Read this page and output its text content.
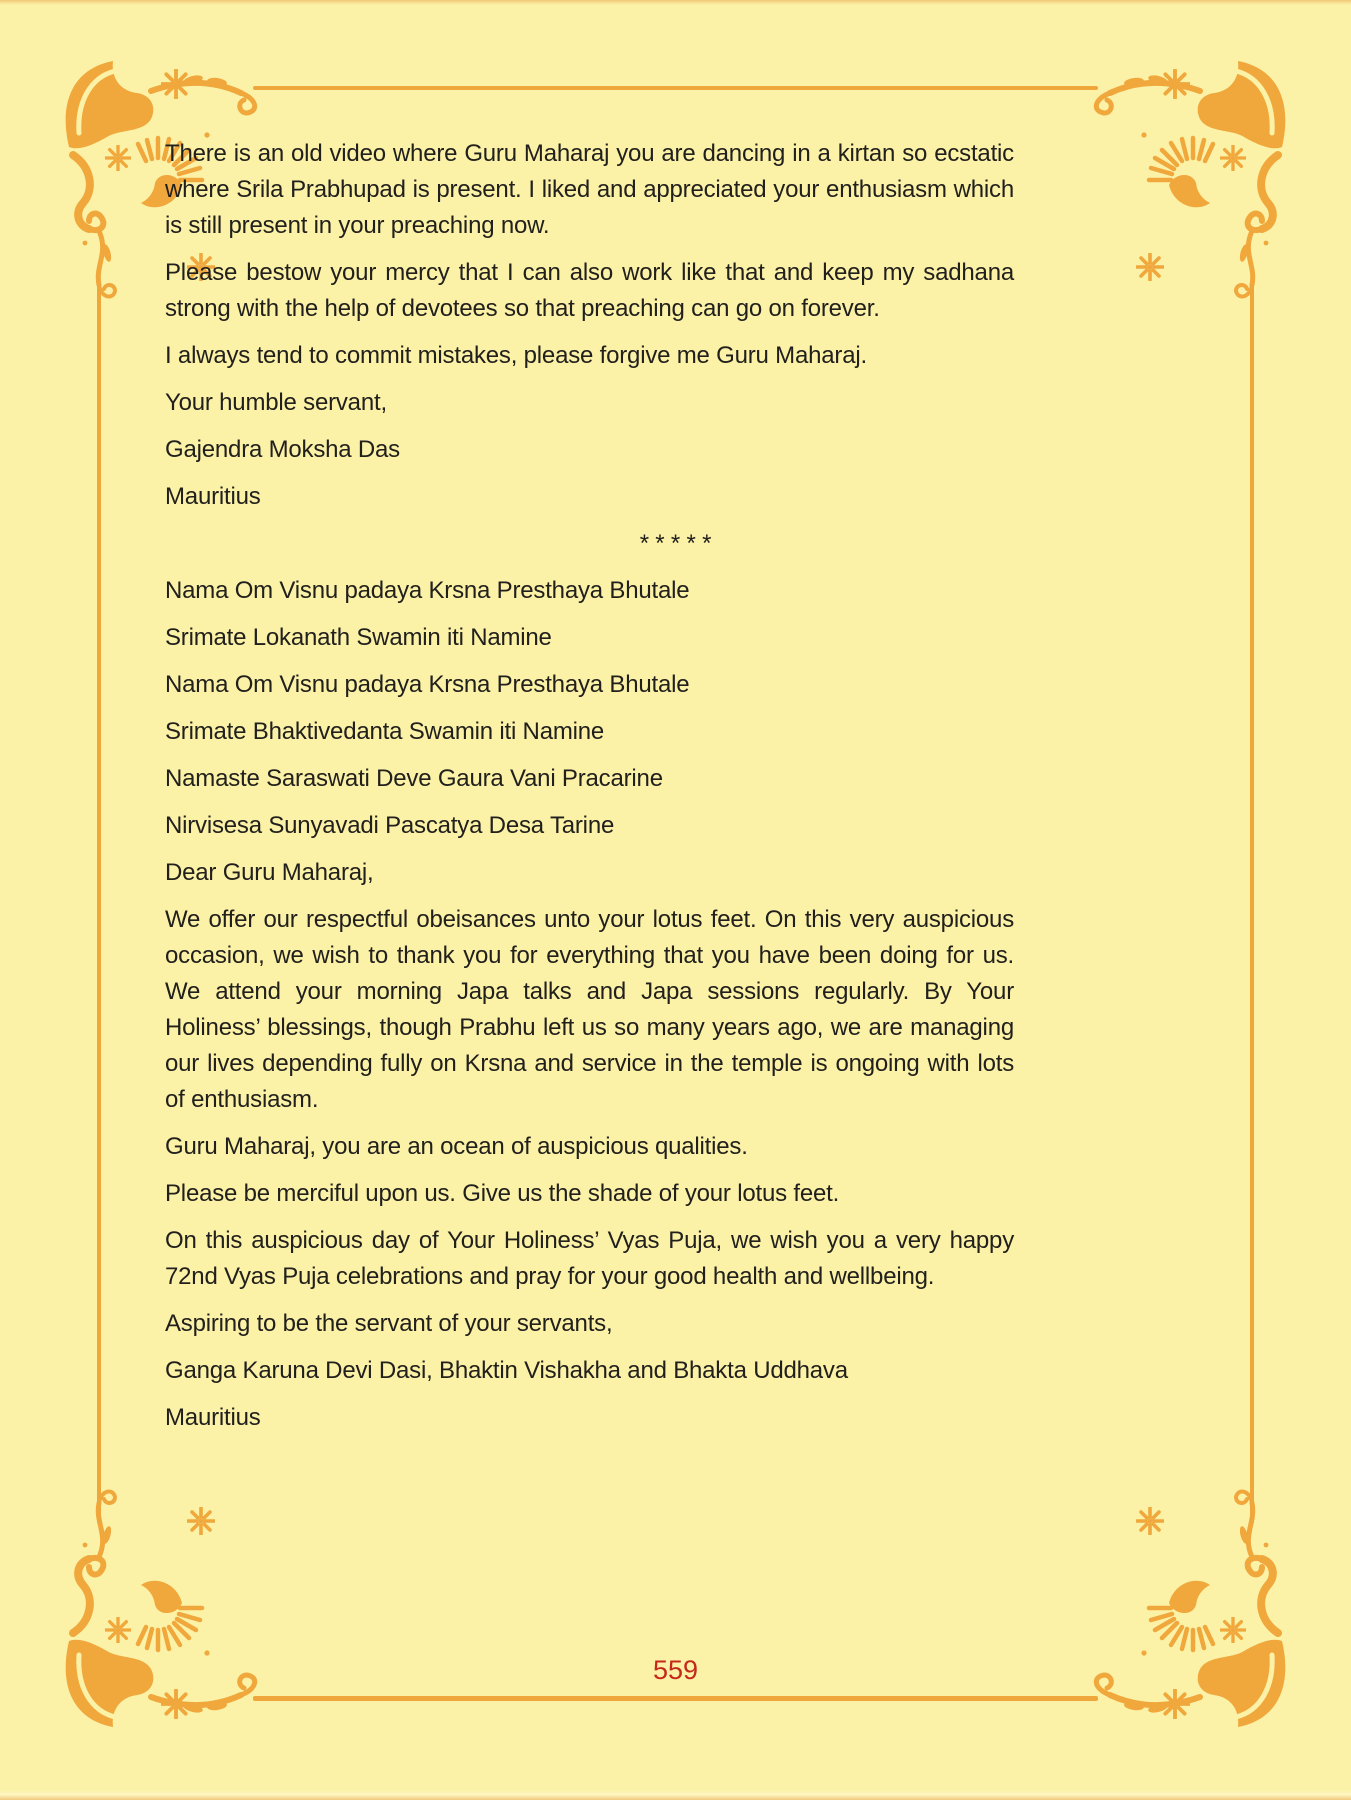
There is an old video where Guru Maharaj you are dancing in a kirtan so ecstatic where Srila Prabhupad is present. I liked and appreciated your enthusiasm which is still present in your preaching now.

Please bestow your mercy that I can also work like that and keep my sadhana strong with the help of devotees so that preaching can go on forever.

I always tend to commit mistakes, please forgive me Guru Maharaj.

Your humble servant,

Gajendra Moksha Das

Mauritius

* * * * *

Nama Om Visnu padaya Krsna Presthaya Bhutale

Srimate Lokanath Swamin iti Namine

Nama Om Visnu padaya Krsna Presthaya Bhutale

Srimate Bhaktivedanta Swamin iti Namine

Namaste Saraswati Deve Gaura Vani Pracarine

Nirvisesa Sunyavadi Pascatya Desa Tarine

Dear Guru Maharaj,

We offer our respectful obeisances unto your lotus feet. On this very auspicious occasion, we wish to thank you for everything that you have been doing for us. We attend your morning Japa talks and Japa sessions regularly. By Your Holiness’ blessings, though Prabhu left us so many years ago, we are managing our lives depending fully on Krsna and service in the temple is ongoing with lots of enthusiasm.

Guru Maharaj, you are an ocean of auspicious qualities.

Please be merciful upon us. Give us the shade of your lotus feet.

On this auspicious day of Your Holiness’ Vyas Puja, we wish you a very happy 72nd Vyas Puja celebrations and pray for your good health and wellbeing.

Aspiring to be the servant of your servants,

Ganga Karuna Devi Dasi, Bhaktin Vishakha and Bhakta Uddhava

Mauritius

559
